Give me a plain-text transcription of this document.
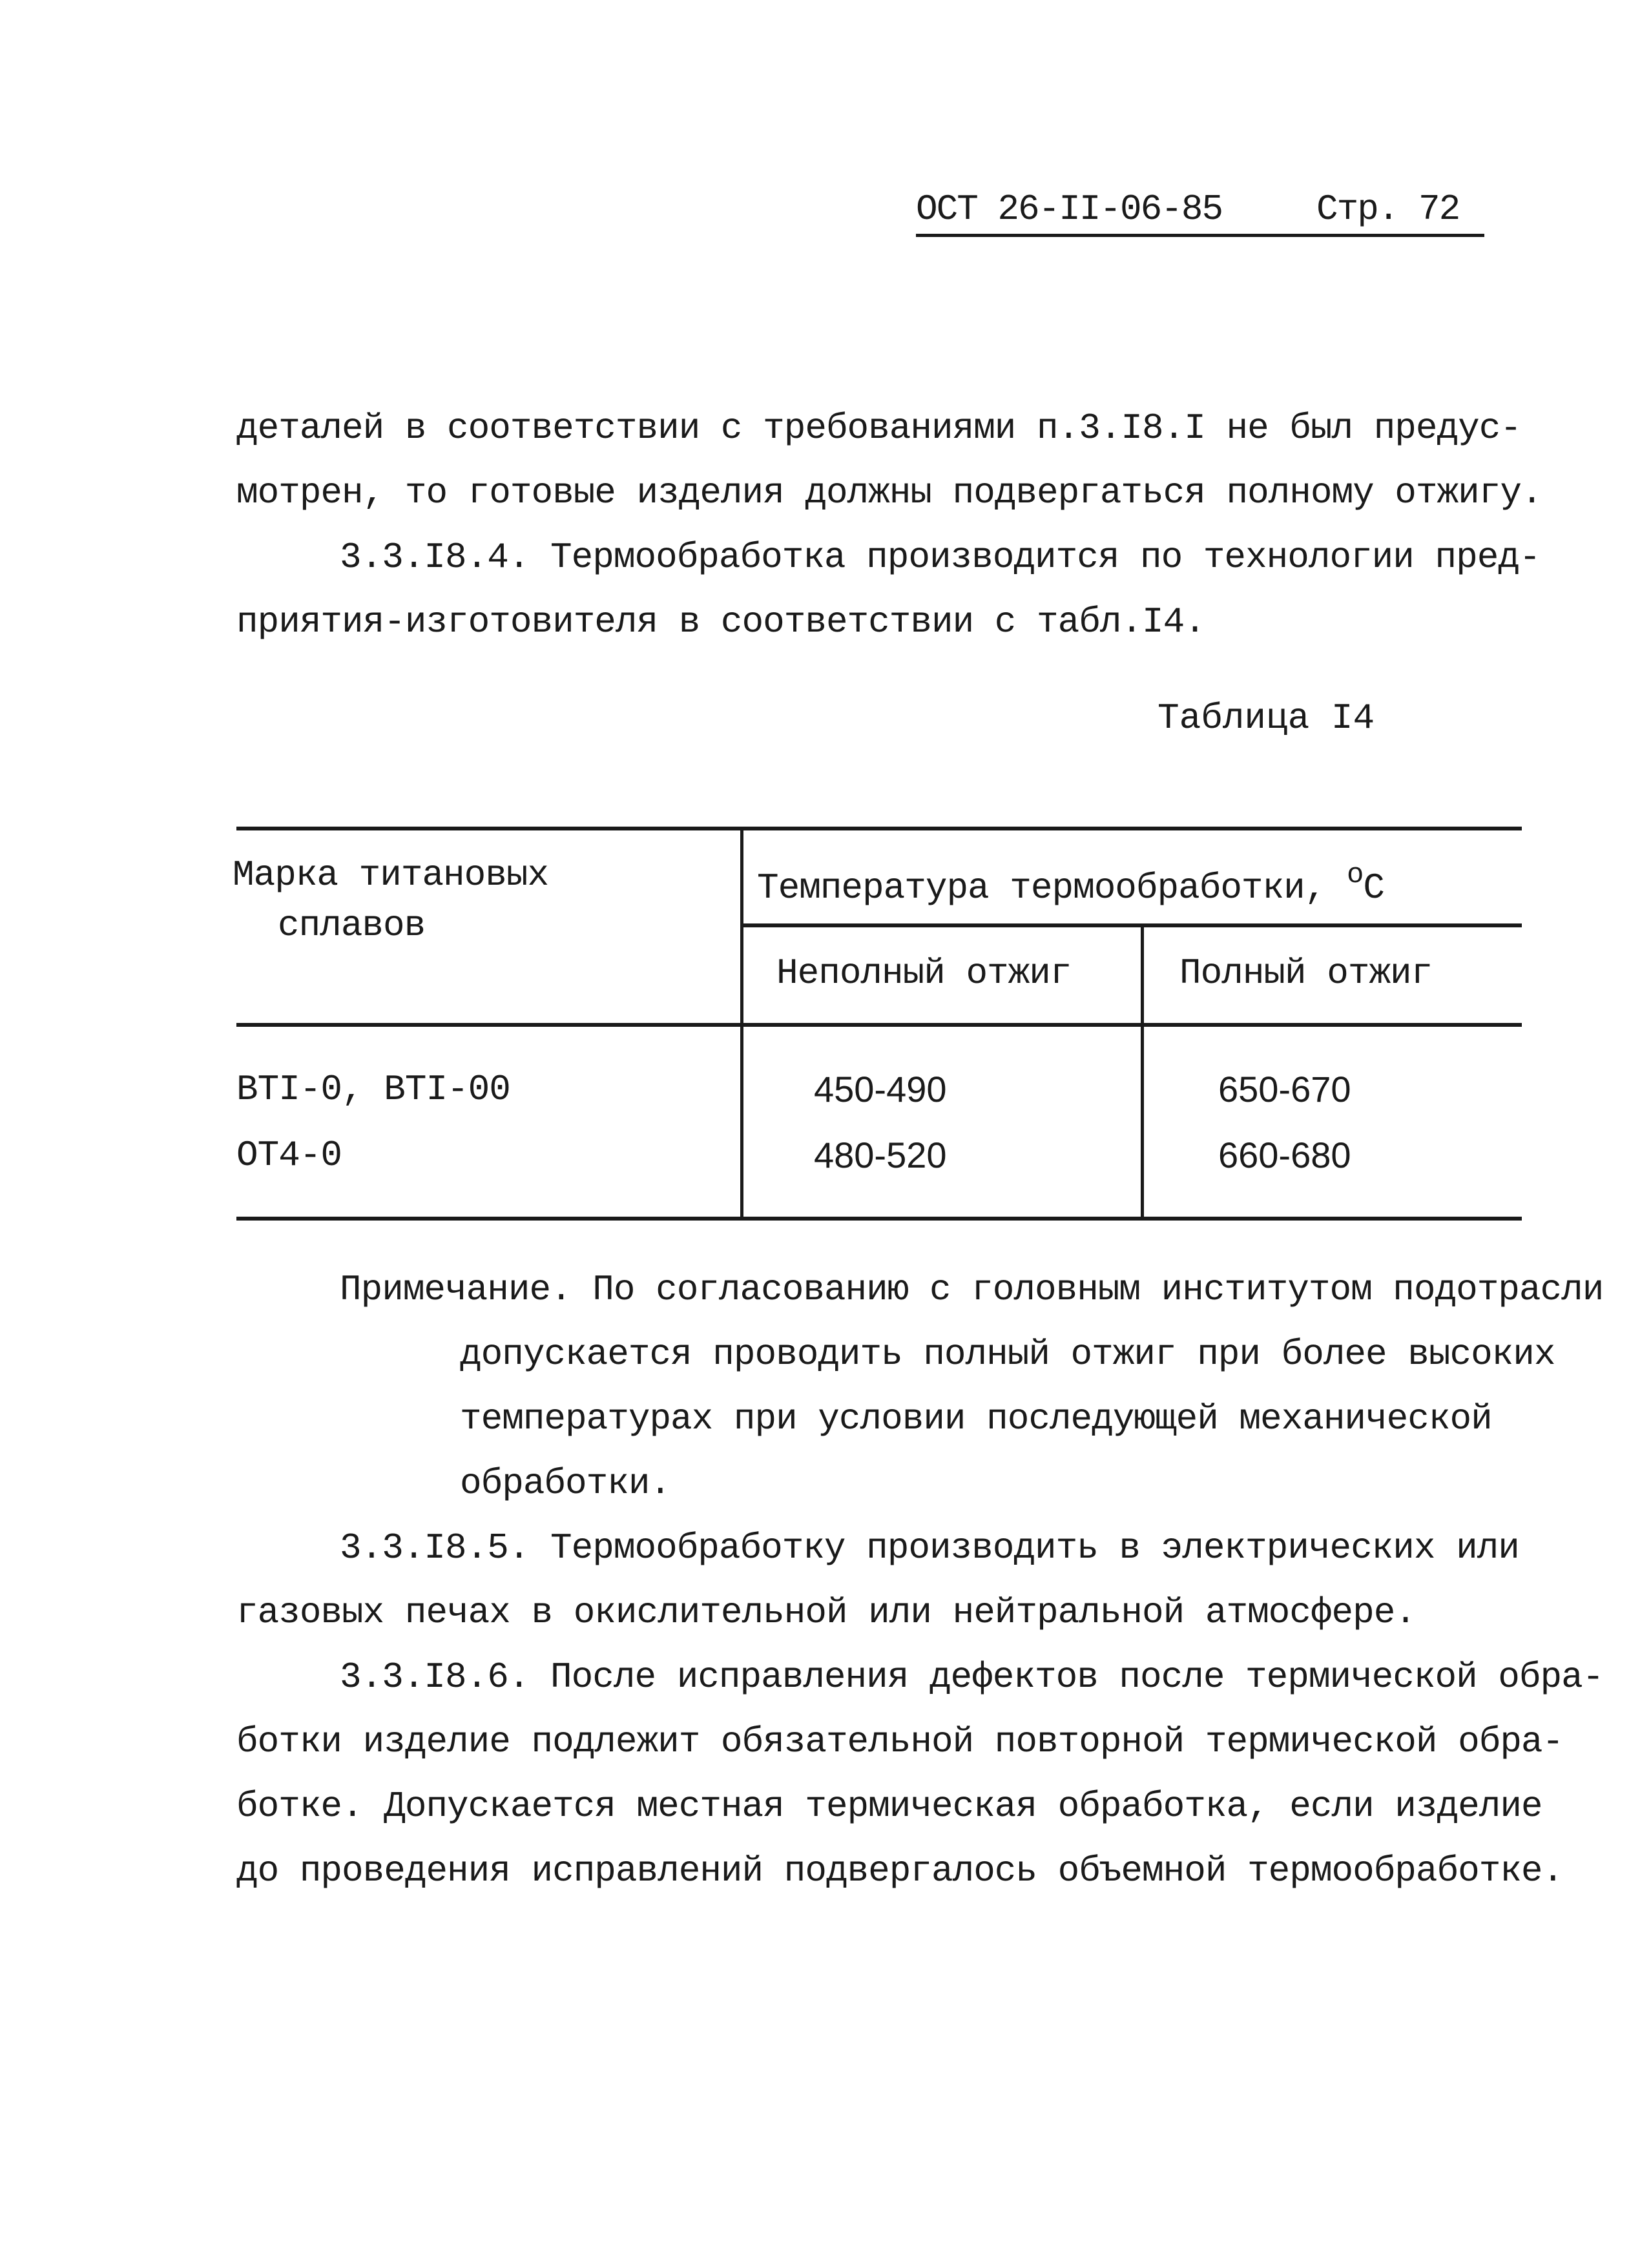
ОСТ 26-II-06-85	Стр. 72
деталей в соответствии с требованиями п.3.I8.I не был предус-
мотрен, то готовые изделия должны подвергаться полному отжигу.
3.3.I8.4. Термообработка производится по технологии пред-
приятия-изготовителя в соответствии с табл.I4.
Таблица I4
Марка титановых
сплавов
Температура термообработки, $^о$С
Неполный отжиг	Полный отжиг
BTI-0, BTI-00	450-490	650-670
ОТ4-0	480-520	660-680
Примечание. По согласованию с головным институтом подотрасли
допускается проводить полный отжиг при более высоких
температурах при условии последующей механической
обработки.
3.3.I8.5. Термообработку производить в электрических или
газовых печах в окислительной или нейтральной атмосфере.
3.3.I8.6. После исправления дефектов после термической обра-
ботки изделие подлежит обязательной повторной термической обра-
ботке. Допускается местная термическая обработка, если изделие
до проведения исправлений подвергалось объемной термообработке.
